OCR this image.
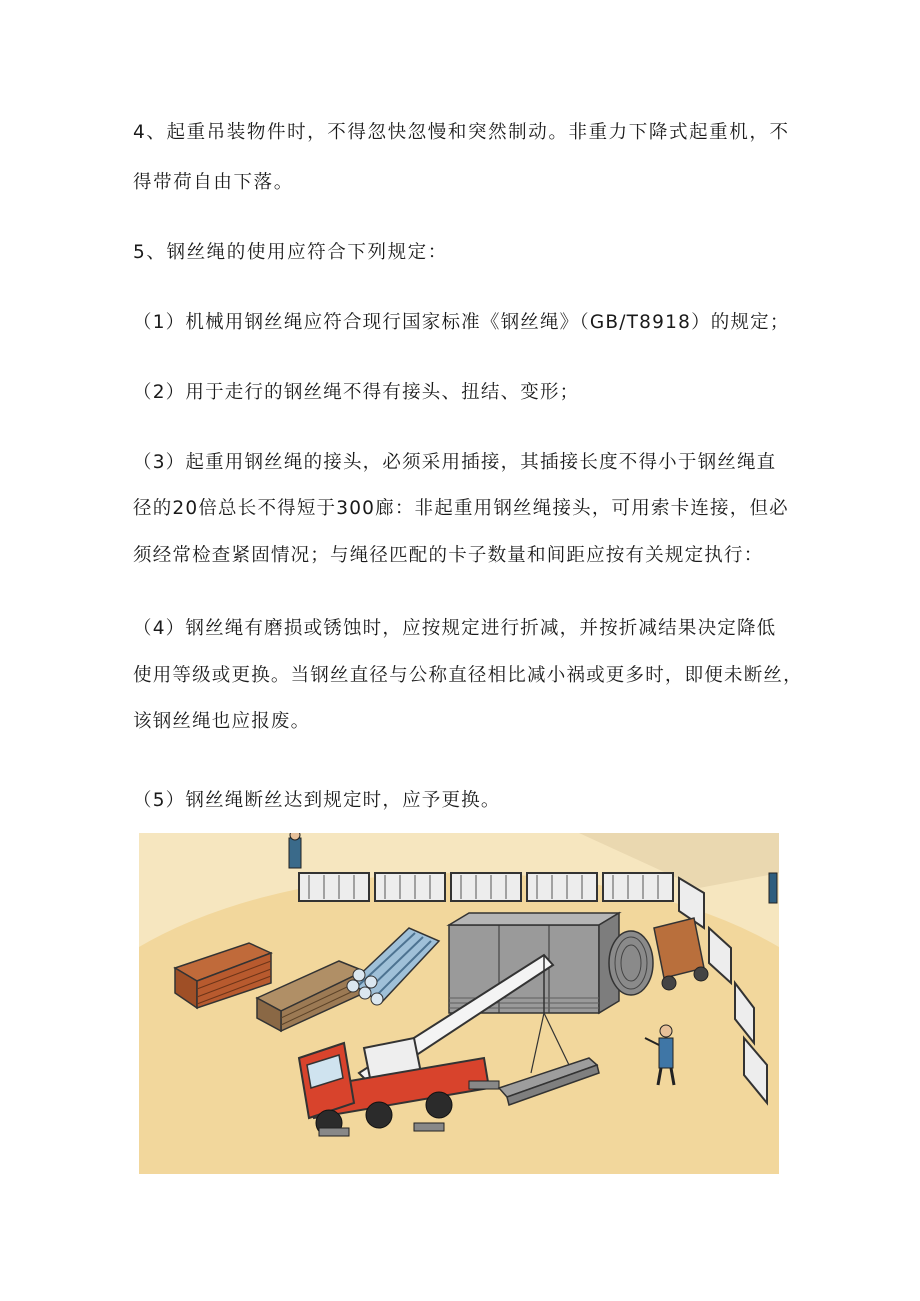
4、起重吊装物件时，不得忽快忽慢和突然制动。非重力下降式起重机，不
得带荷自由下落。
5、钢丝绳的使用应符合下列规定：
（1）机械用钢丝绳应符合现行国家标准《钢丝绳》（GB/T8918）的规定；
（2）用于走行的钢丝绳不得有接头、扭结、变形；
（3）起重用钢丝绳的接头，必须采用插接，其插接长度不得小于钢丝绳直
径的20倍总长不得短于300廊：非起重用钢丝绳接头，可用索卡连接，但必
须经常检查紧固情况；与绳径匹配的卡子数量和间距应按有关规定执行：
（4）钢丝绳有磨损或锈蚀时，应按规定进行折减，并按折减结果决定降低
使用等级或更换。当钢丝直径与公称直径相比减小祸或更多时，即便未断丝，
该钢丝绳也应报废。
（5）钢丝绳断丝达到规定时，应予更换。
